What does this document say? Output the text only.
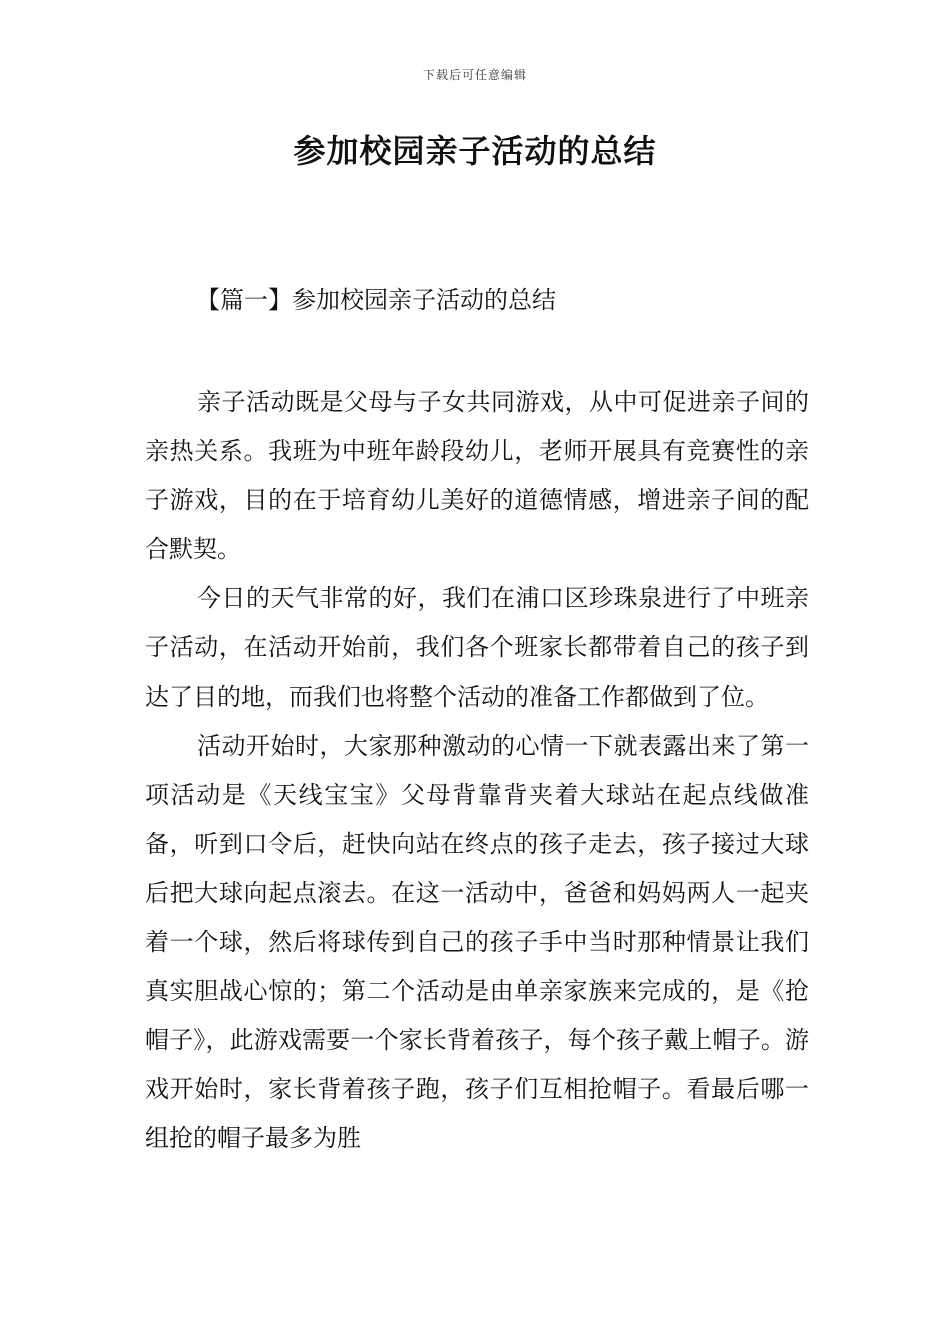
下载后可任意编辑
参加校园亲子活动的总结
【篇一】参加校园亲子活动的总结

亲子活动既是父母与子女共同游戏，从中可促进亲子间的亲热关系。我班为中班年龄段幼儿，老师开展具有竞赛性的亲子游戏，目的在于培育幼儿美好的道德情感，增进亲子间的配合默契。

今日的天气非常的好，我们在浦口区珍珠泉进行了中班亲子活动，在活动开始前，我们各个班家长都带着自己的孩子到达了目的地，而我们也将整个活动的准备工作都做到了位。

活动开始时，大家那种激动的心情一下就表露出来了第一项活动是《天线宝宝》父母背靠背夹着大球站在起点线做准备，听到口令后，赶快向站在终点的孩子走去，孩子接过大球后把大球向起点滚去。在这一活动中，爸爸和妈妈两人一起夹着一个球，然后将球传到自己的孩子手中当时那种情景让我们真实胆战心惊的；第二个活动是由单亲家族来完成的，是《抢帽子》，此游戏需要一个家长背着孩子，每个孩子戴上帽子。游戏开始时，家长背着孩子跑，孩子们互相抢帽子。看最后哪一组抢的帽子最多为胜
